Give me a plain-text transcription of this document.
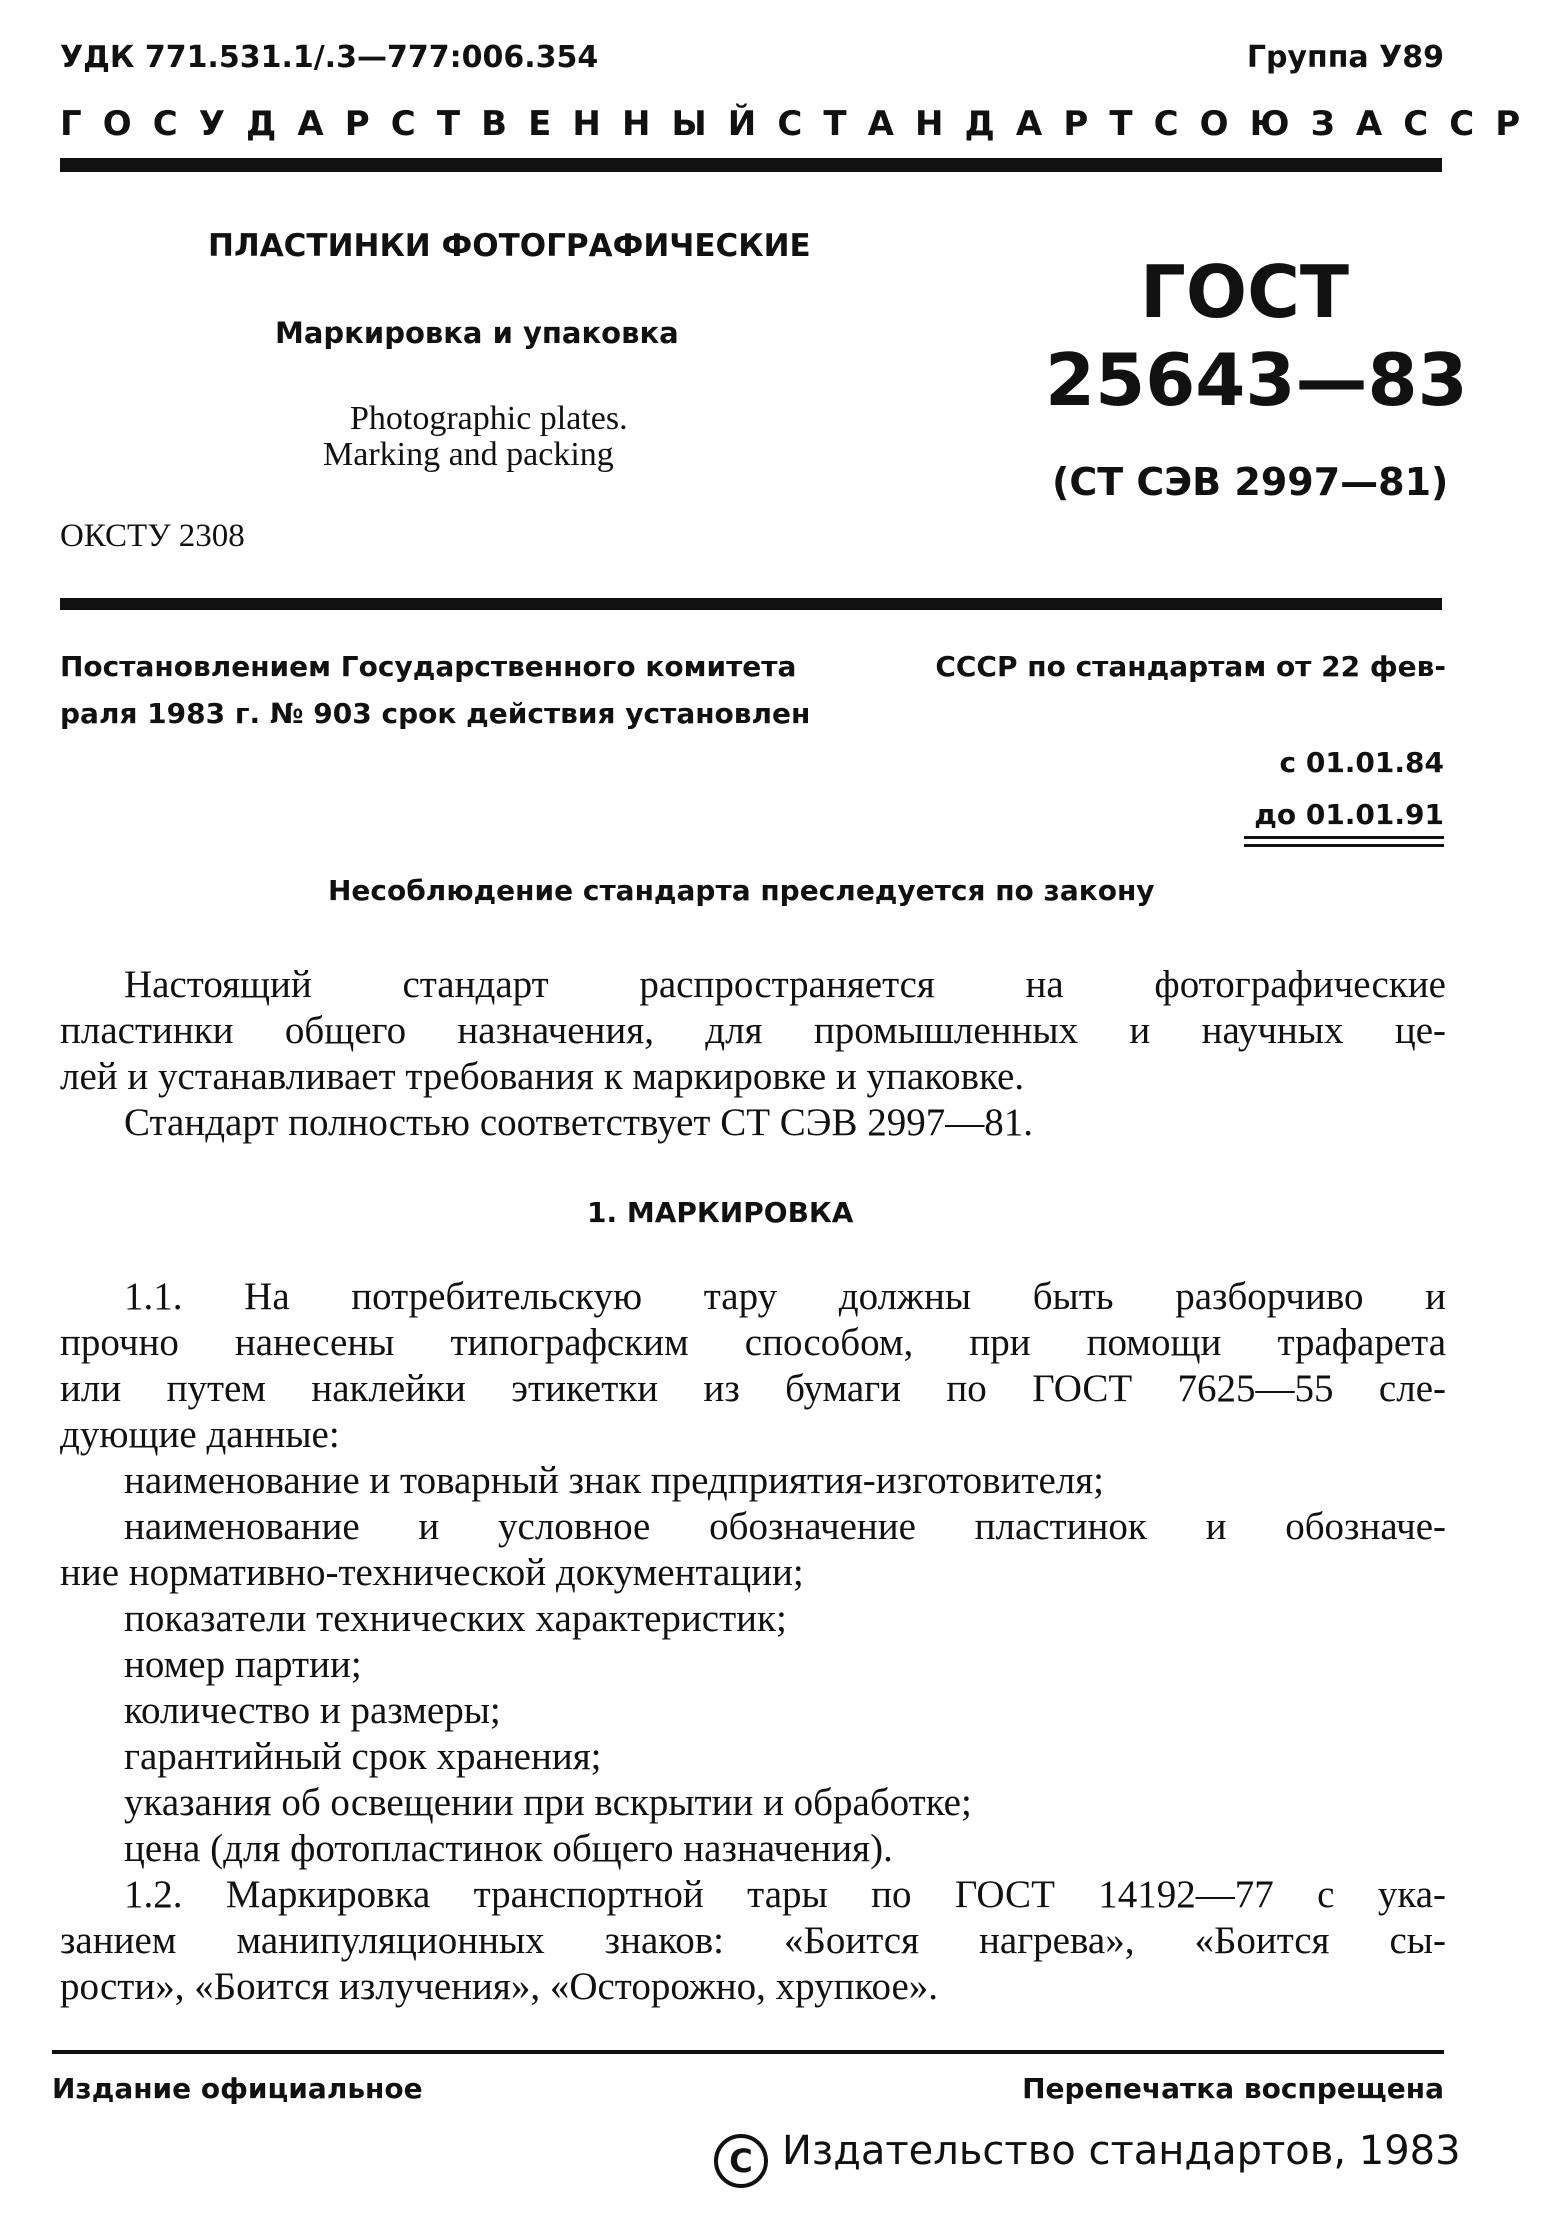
УДК 771.531.1/.3—777:006.354	Группа У89
ГОСУДАРСТВЕННЫЙ СТАНДАРТ СОЮЗА ССР
ПЛАСТИНКИ ФОТОГРАФИЧЕСКИЕ
Маркировка и упаковка
Photographic plates.
Marking and packing
ОКСТУ 2308
ГОСТ
25643—83
(СТ СЭВ 2997—81)
Постановлением Государственного комитета	СССР по стандартам от 22 фев-
раля 1983 г. № 903 срок действия установлен
с 01.01.84
до 01.01.91
Несоблюдение стандарта преследуется по закону
Настоящий стандарт распространяется на фотографические
пластинки общего назначения, для промышленных и научных це-
лей и устанавливает требования к маркировке и упаковке.
Стандарт полностью соответствует СТ СЭВ 2997—81.
1. МАРКИРОВКА
1.1. На потребительскую тару должны быть разборчиво и
прочно нанесены типографским способом, при помощи трафарета
или путем наклейки этикетки из бумаги по ГОСТ 7625—55 сле-
дующие данные:
наименование и товарный знак предприятия-изготовителя;
наименование и условное обозначение пластинок и обозначе-
ние нормативно-технической документации;
показатели технических характеристик;
номер партии;
количество и размеры;
гарантийный срок хранения;
указания об освещении при вскрытии и обработке;
цена (для фотопластинок общего назначения).
1.2. Маркировка транспортной тары по ГОСТ 14192—77 с ука-
занием манипуляционных знаков: «Боится нагрева», «Боится сы-
рости», «Боится излучения», «Осторожно, хрупкое».
Издание официальное	Перепечатка воспрещена
C Издательство стандартов, 1983
